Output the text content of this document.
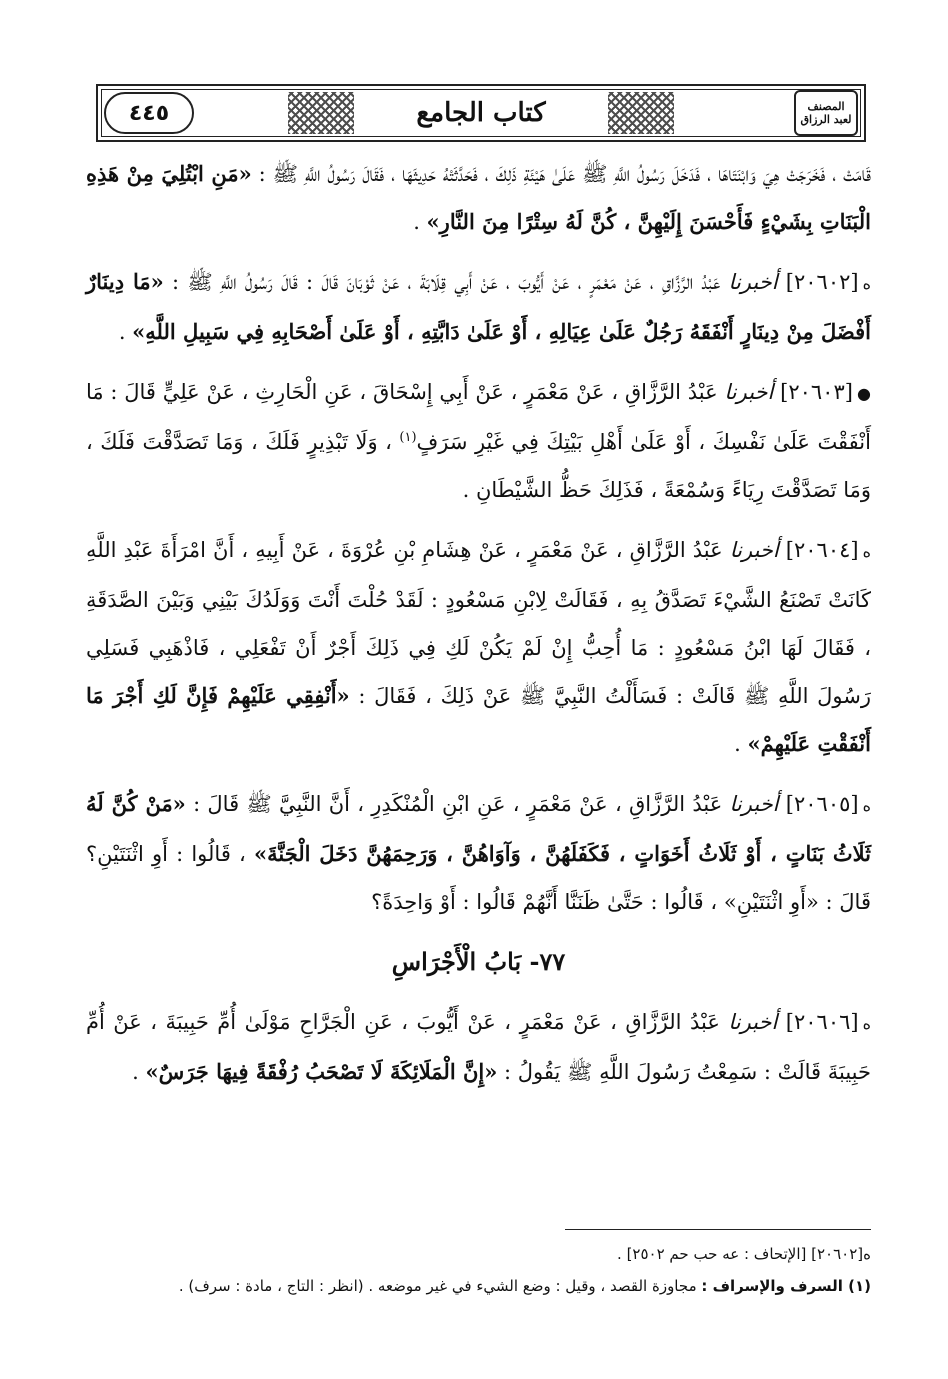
٤٤٥	كتاب الجامع	المصنف لعبد الرزاق

قَامَتْ ، فَخَرَجَتْ هِيَ وَابْنَتَاهَا ، فَدَخَلَ رَسُولُ اللَّهِ ﷺ عَلَىٰ هَيْئَةِ ذَلِكَ ، فَحَدَّثَتْهُ حَدِيثَهَا ، فَقَالَ رَسُولُ اللَّهِ ﷺ : «مَنِ ابْتُلِيَ مِنْ هَذِهِ الْبَنَاتِ بِشَيْءٍ فَأَحْسَنَ إِلَيْهِنَّ ، كُنَّ لَهُ سِتْرًا مِنَ النَّارِ» .

ه[٢٠٦٠٢] أخبرنا عَبْدُ الرَّزَّاقِ ، عَنْ مَعْمَرٍ ، عَنْ أَيُّوبَ ، عَنْ أَبِي قِلَابَةَ ، عَنْ ثَوْبَانَ قَالَ : قَالَ رَسُولُ اللَّهِ ﷺ : «مَا دِينَارٌ أَفْضَلَ مِنْ دِينَارٍ أَنْفَقَهُ رَجُلٌ عَلَىٰ عِيَالِهِ ، أَوْ عَلَىٰ دَابَّتِهِ ، أَوْ عَلَىٰ أَصْحَابِهِ فِي سَبِيلِ اللَّهِ» .

●[٢٠٦٠٣] أخبرنا عَبْدُ الرَّزَّاقِ ، عَنْ مَعْمَرٍ ، عَنْ أَبِي إِسْحَاقَ ، عَنِ الْحَارِثِ ، عَنْ عَلِيٍّ قَالَ : مَا أَنْفَقْتَ عَلَىٰ نَفْسِكَ ، أَوْ عَلَىٰ أَهْلِ بَيْتِكَ فِي غَيْرِ سَرَفٍ$^{(١)}$ ، وَلَا تَبْذِيرٍ فَلَكَ ، وَمَا تَصَدَّقْتَ فَلَكَ ، وَمَا تَصَدَّقْتَ رِيَاءً وَسُمْعَةً ، فَذَلِكَ حَظُّ الشَّيْطَانِ .

ه[٢٠٦٠٤] أخبرنا عَبْدُ الرَّزَّاقِ ، عَنْ مَعْمَرٍ ، عَنْ هِشَامِ بْنِ عُرْوَةَ ، عَنْ أَبِيهِ ، أَنَّ امْرَأَةَ عَبْدِ اللَّهِ كَانَتْ تَصْنَعُ الشَّيْءَ تَصَدَّقُ بِهِ ، فَقَالَتْ لِابْنِ مَسْعُودٍ : لَقَدْ حُلْتَ أَنْتَ وَوَلَدُكَ بَيْنِي وَبَيْنَ الصَّدَقَةِ ، فَقَالَ لَهَا ابْنُ مَسْعُودٍ : مَا أُحِبُّ إِنْ لَمْ يَكُنْ لَكِ فِي ذَلِكَ أَجْرٌ أَنْ تَفْعَلِي ، فَاذْهَبِي فَسَلِي رَسُولَ اللَّهِ ﷺ قَالَتْ : فَسَأَلْتُ النَّبِيَّ ﷺ عَنْ ذَلِكَ ، فَقَالَ : «أَنْفِقِي عَلَيْهِمْ فَإِنَّ لَكِ أَجْرَ مَا أَنْفَقْتِ عَلَيْهِمْ» .

ه[٢٠٦٠٥] أخبرنا عَبْدُ الرَّزَّاقِ ، عَنْ مَعْمَرٍ ، عَنِ ابْنِ الْمُنْكَدِرِ ، أَنَّ النَّبِيَّ ﷺ قَالَ : «مَنْ كُنَّ لَهُ ثَلَاثُ بَنَاتٍ ، أَوْ ثَلَاثُ أَخَوَاتٍ ، فَكَفَلَهُنَّ ، وَآوَاهُنَّ ، وَرَحِمَهُنَّ دَخَلَ الْجَنَّةَ» ، قَالُوا : أَوِ اثْنَتَيْنِ؟ قَالَ : «أَوِ اثْنَتَيْنِ» ، قَالُوا : حَتَّىٰ ظَنَنَّا أَنَّهُمْ قَالُوا : أَوْ وَاحِدَةً؟

٧٧- بَابُ الْأَجْرَاسِ

ه[٢٠٦٠٦] أخبرنا عَبْدُ الرَّزَّاقِ ، عَنْ مَعْمَرٍ ، عَنْ أَيُّوبَ ، عَنِ الْجَرَّاحِ مَوْلَىٰ أُمِّ حَبِيبَةَ ، عَنْ أُمِّ حَبِيبَةَ قَالَتْ : سَمِعْتُ رَسُولَ اللَّهِ ﷺ يَقُولُ : «إِنَّ الْمَلَائِكَةَ لَا تَصْحَبُ رُفْقَةً فِيهَا جَرَسٌ» .

ه[٢٠٦٠٢] [الإتحاف : عه حب حم ٢٥٠٢] .

(١) السرف والإسراف : مجاوزة القصد ، وقيل : وضع الشيء في غير موضعه . (انظر : التاج ، مادة : سرف) .
